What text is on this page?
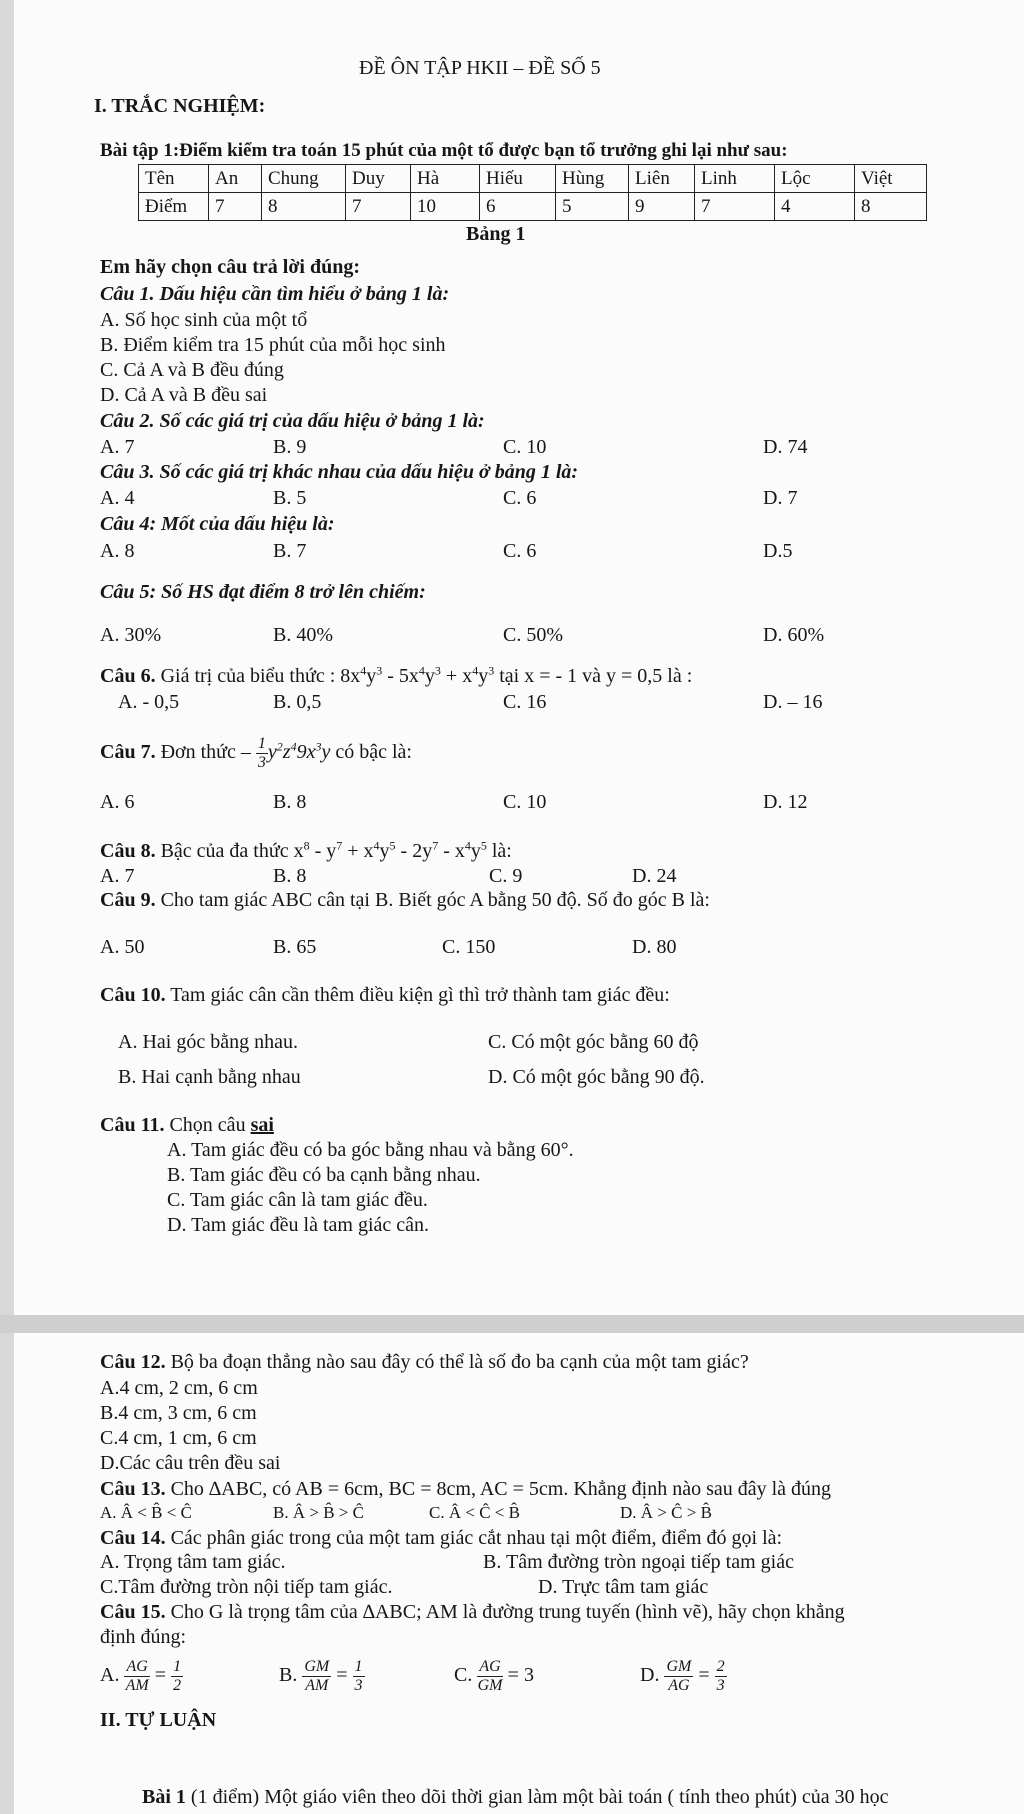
ĐỀ ÔN TẬP HKII – ĐỀ SỐ 5
I. TRẮC NGHIỆM:
Bài tập 1:Điểm kiểm tra toán 15 phút của một tổ được bạn tổ trưởng ghi lại như sau:
Tên	An	Chung	Duy	Hà	Hiếu	Hùng	Liên	Linh	Lộc	Việt
Điểm	7	8	7	10	6	5	9	7	4	8
Bảng 1
Em hãy chọn câu trả lời đúng:
Câu 1. Dấu hiệu cần tìm hiểu ở bảng 1 là:
A. Số học sinh của một tổ
B. Điểm kiểm tra 15 phút của mỗi học sinh
C. Cả A và B đều đúng
D. Cả A và B đều sai
Câu 2. Số các giá trị của dấu hiệu ở bảng 1 là:
A. 7	B. 9	C. 10	D. 74
Câu 3. Số các giá trị khác nhau của dấu hiệu ở bảng 1 là:
A. 4	B. 5	C. 6	D. 7
Câu 4: Mốt của dấu hiệu là:
A. 8	B. 7	C. 6	D.5
Câu 5: Số HS đạt điểm 8 trở lên chiếm:
A. 30%	B. 40%	C. 50%	D. 60%
Câu 6. Giá trị của biểu thức : $8x^4y^3 - 5x^4y^3 + x^4y^3$ tại x = - 1 và y = 0,5 là :
A. - 0,5	B. 0,5	C. 16	D. – 16
Câu 7. Đơn thức – $\frac{1}{3} y^2z^49x^3y$ có bậc là:
A. 6	B. 8	C. 10	D. 12
Câu 8. Bậc của đa thức $x^8 - y^7 + x^4y^5 - 2y^7 - x^4y^5$ là:
A. 7	B. 8	C. 9	D. 24
Câu 9. Cho tam giác ABC cân tại B. Biết góc A bằng 50 độ. Số đo góc B là:
A. 50	B. 65	C. 150	D. 80
Câu 10. Tam giác cân cần thêm điều kiện gì thì trở thành tam giác đều:
A. Hai góc bằng nhau.	C. Có một góc bằng 60 độ
B. Hai cạnh bằng nhau	D. Có một góc bằng 90 độ.
Câu 11. Chọn câu sai
A. Tam giác đều có ba góc bằng nhau và bằng 60°.
B. Tam giác đều có ba cạnh bằng nhau.
C. Tam giác cân là tam giác đều.
D. Tam giác đều là tam giác cân.
Câu 12. Bộ ba đoạn thẳng nào sau đây có thể là số đo ba cạnh của một tam giác?
A.4 cm, 2 cm, 6 cm
B.4 cm, 3 cm, 6 cm
C.4 cm, 1 cm, 6 cm
D.Các câu trên đều sai
Câu 13. Cho ∆ABC, có AB = 6cm, BC = 8cm, AC = 5cm. Khẳng định nào sau đây là đúng
A. Â < B̂ < Ĉ	B. Â > B̂ > Ĉ	C. Â < Ĉ < B̂	D. Â > Ĉ > B̂
Câu 14. Các phân giác trong của một tam giác cắt nhau tại một điểm, điểm đó gọi là:
A. Trọng tâm tam giác.	B. Tâm đường tròn ngoại tiếp tam giác
C.Tâm đường tròn nội tiếp tam giác.	D. Trực tâm tam giác
Câu 15. Cho G là trọng tâm của ∆ABC; AM là đường trung tuyến (hình vẽ), hãy chọn khẳng
định đúng:
A. $\frac{AG}{AM} = \frac{1}{2}$	B. $\frac{GM}{AM} = \frac{1}{3}$	C. $\frac{AG}{GM} = 3$	D. $\frac{GM}{AG} = \frac{2}{3}$
II. TỰ LUẬN
Bài 1 (1 điểm) Một giáo viên theo dõi thời gian làm một bài toán ( tính theo phút) của 30 học
